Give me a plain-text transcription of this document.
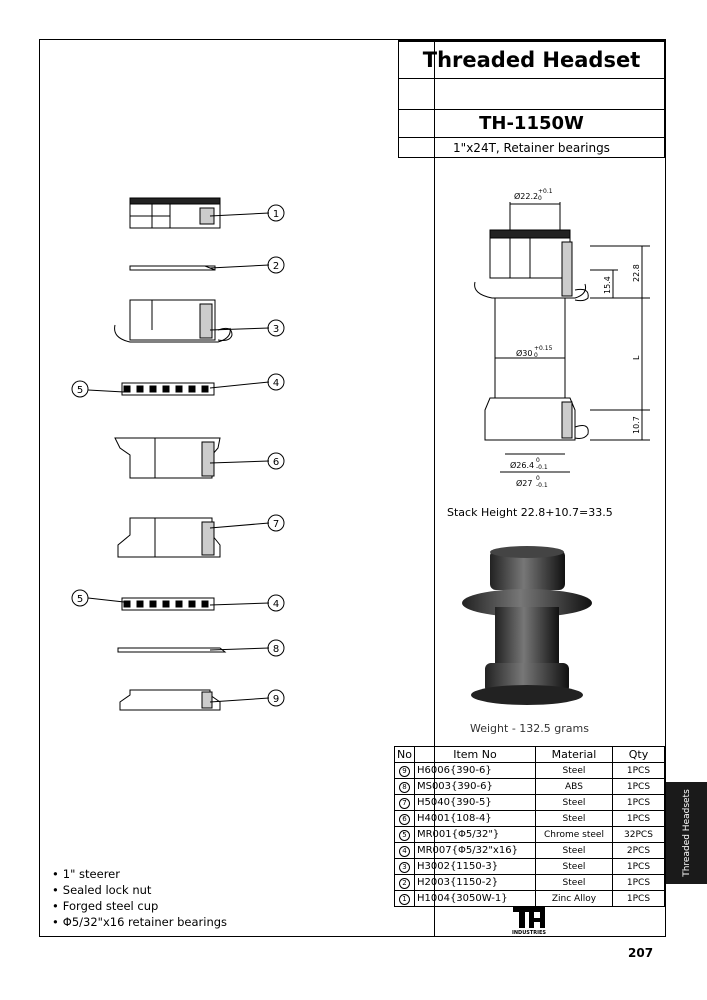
Threaded Headset
TH-1150W
1"x24T, Retainer bearings
1
2
3
4
5
6
7
5	4
8
9
Ø22.2
+0.1
0
Ø30
+0.15
0
Ø26.4
0
-0.1
Ø27
0
-0.1
15.4
22.8
L
10.7
Stack Height 22.8+10.7=33.5
Weight - 132.5 grams
No	Item No	Material	Qty
9	H6006{390-6}	Steel	1PCS
8	MS003{390-6}	ABS	1PCS
7	H5040{390-5}	Steel	1PCS
6	H4001{108-4}	Steel	1PCS
5	MR001{Φ5/32"}	Chrome steel	32PCS
4	MR007{Φ5/32"x16}	Steel	2PCS
3	H3002{1150-3}	Steel	1PCS
2	H2003{1150-2}	Steel	1PCS
1	H1004{3050W-1}	Zinc Alloy	1PCS
INDUSTRIES
• 1" steerer
• Sealed lock nut
• Forged steel cup
• Φ5/32"x16 retainer bearings
Threaded Headsets
207
